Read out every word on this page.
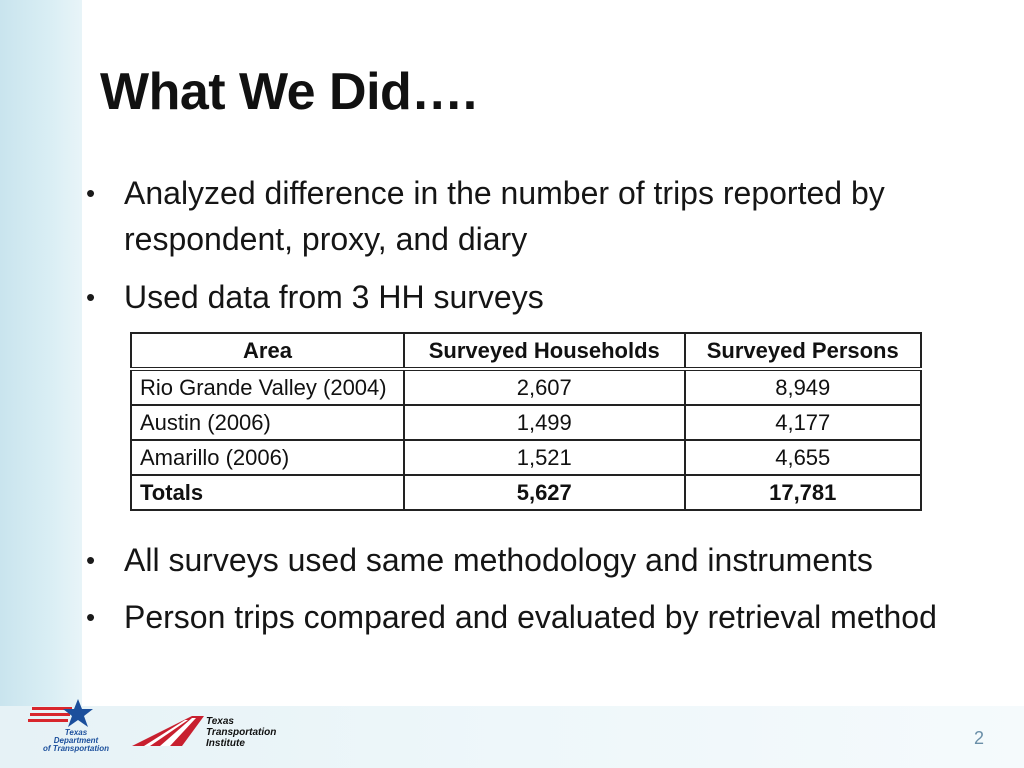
What We Did….
• Analyzed difference in the number of trips reported by respondent, proxy, and diary
• Used data from 3 HH surveys
Area	Surveyed Households	Surveyed Persons
Rio Grande Valley (2004)	2,607	8,949
Austin (2006)	1,499	4,177
Amarillo (2006)	1,521	4,655
Totals	5,627	17,781
• All surveys used same methodology and instruments
• Person trips compared and evaluated by retrieval method
Texas
Department
of Transportation
Texas
Transportation
Institute	2
